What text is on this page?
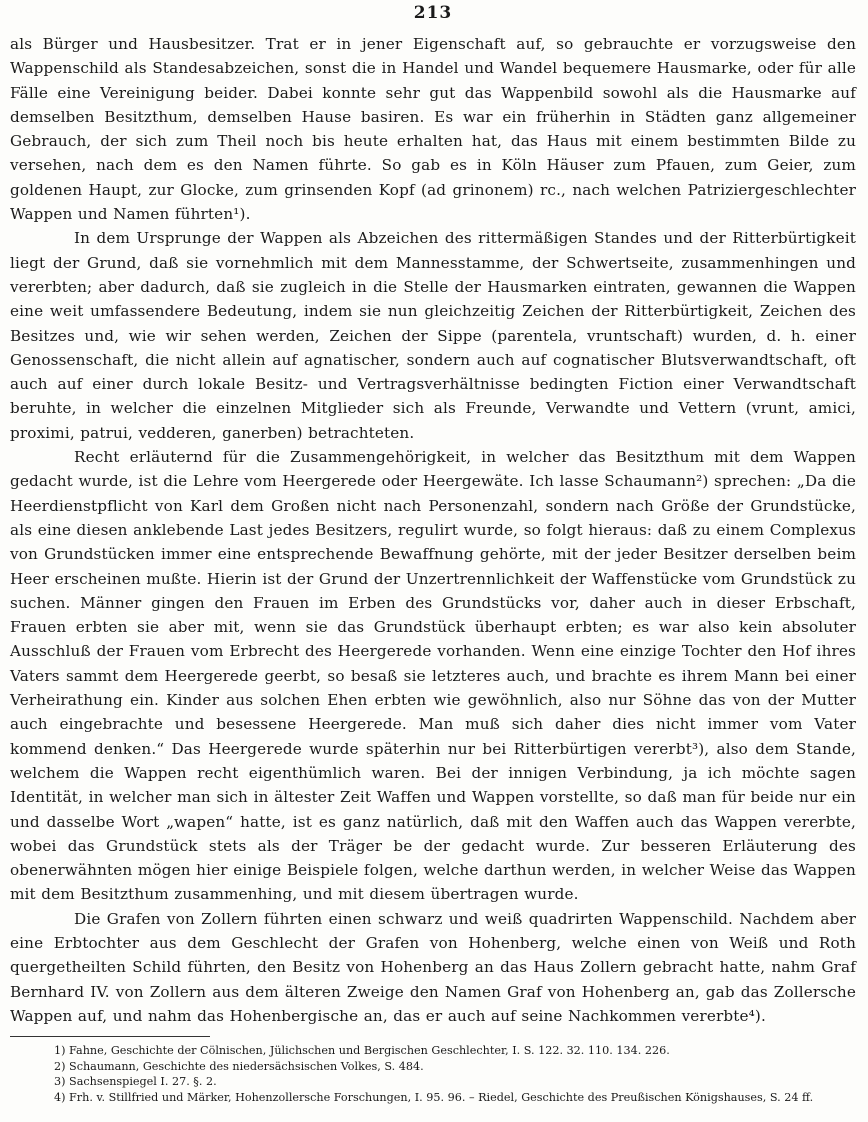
213

als Bürger und Hausbesitzer. Trat er in jener Eigenschaft auf, so gebrauchte er vorzugsweise den Wappenschild als Standesabzeichen, sonst die in Handel und Wandel bequemere Hausmarke, oder für alle Fälle eine Vereinigung beider. Dabei konnte sehr gut das Wappenbild sowohl als die Hausmarke auf demselben Besitzthum, demselben Hause basiren. Es war ein früherhin in Städten ganz allgemeiner Gebrauch, der sich zum Theil noch bis heute erhalten hat, das Haus mit einem bestimmten Bilde zu versehen, nach dem es den Namen führte. So gab es in Köln Häuser zum Pfauen, zum Geier, zum goldenen Haupt, zur Glocke, zum grinsenden Kopf (ad grinonem) rc., nach welchen Patriziergeschlechter Wappen und Namen führten¹).

In dem Ursprunge der Wappen als Abzeichen des rittermäßigen Standes und der Ritterbürtigkeit liegt der Grund, daß sie vornehmlich mit dem Mannesstamme, der Schwertseite, zusammenhingen und vererbten; aber dadurch, daß sie zugleich in die Stelle der Hausmarken eintraten, gewannen die Wappen eine weit umfassendere Bedeutung, indem sie nun gleichzeitig Zeichen der Ritterbürtigkeit, Zeichen des Besitzes und, wie wir sehen werden, Zeichen der Sippe (parentela, vruntschaft) wurden, d. h. einer Genossenschaft, die nicht allein auf agnatischer, sondern auch auf cognatischer Blutsverwandtschaft, oft auch auf einer durch lokale Besitz- und Vertragsverhältnisse bedingten Fiction einer Verwandtschaft beruhte, in welcher die einzelnen Mitglieder sich als Freunde, Verwandte und Vettern (vrunt, amici, proximi, patrui, vedderen, ganerben) betrachteten.

Recht erläuternd für die Zusammengehörigkeit, in welcher das Besitzthum mit dem Wappen gedacht wurde, ist die Lehre vom Heergerede oder Heergewäte. Ich lasse Schaumann²) sprechen: „Da die Heerdienstpflicht von Karl dem Großen nicht nach Personenzahl, sondern nach Größe der Grundstücke, als eine diesen anklebende Last jedes Besitzers, regulirt wurde, so folgt hieraus: daß zu einem Complexus von Grundstücken immer eine entsprechende Bewaffnung gehörte, mit der jeder Besitzer derselben beim Heer erscheinen mußte. Hierin ist der Grund der Unzertrennlichkeit der Waffenstücke vom Grundstück zu suchen. Männer gingen den Frauen im Erben des Grundstücks vor, daher auch in dieser Erbschaft, Frauen erbten sie aber mit, wenn sie das Grundstück überhaupt erbten; es war also kein absoluter Ausschluß der Frauen vom Erbrecht des Heergerede vorhanden. Wenn eine einzige Tochter den Hof ihres Vaters sammt dem Heergerede geerbt, so besaß sie letzteres auch, und brachte es ihrem Mann bei einer Verheirathung ein. Kinder aus solchen Ehen erbten wie gewöhnlich, also nur Söhne das von der Mutter auch eingebrachte und besessene Heergerede. Man muß sich daher dies nicht immer vom Vater kommend denken.“ Das Heergerede wurde späterhin nur bei Ritterbürtigen vererbt³), also dem Stande, welchem die Wappen recht eigenthümlich waren. Bei der innigen Verbindung, ja ich möchte sagen Identität, in welcher man sich in ältester Zeit Waffen und Wappen vorstellte, so daß man für beide nur ein und dasselbe Wort „wapen“ hatte, ist es ganz natürlich, daß mit den Waffen auch das Wappen vererbte, wobei das Grundstück stets als der Träger be der gedacht wurde. Zur besseren Erläuterung des obenerwähnten mögen hier einige Beispiele folgen, welche darthun werden, in welcher Weise das Wappen mit dem Besitzthum zusammenhing, und mit diesem übertragen wurde.

Die Grafen von Zollern führten einen schwarz und weiß quadrirten Wappenschild. Nachdem aber eine Erbtochter aus dem Geschlecht der Grafen von Hohenberg, welche einen von Weiß und Roth quergetheilten Schild führten, den Besitz von Hohenberg an das Haus Zollern gebracht hatte, nahm Graf Bernhard IV. von Zollern aus dem älteren Zweige den Namen Graf von Hohenberg an, gab das Zollersche Wappen auf, und nahm das Hohenbergische an, das er auch auf seine Nachkommen vererbte⁴).

1) Fahne, Geschichte der Cölnischen, Jülichschen und Bergischen Geschlechter, I. S. 122. 32. 110. 134. 226.

2) Schaumann, Geschichte des niedersächsischen Volkes, S. 484.

3) Sachsenspiegel I. 27. §. 2.

4) Frh. v. Stillfried und Märker, Hohenzollersche Forschungen, I. 95. 96. – Riedel, Geschichte des Preußischen Königshauses, S. 24 ff.
